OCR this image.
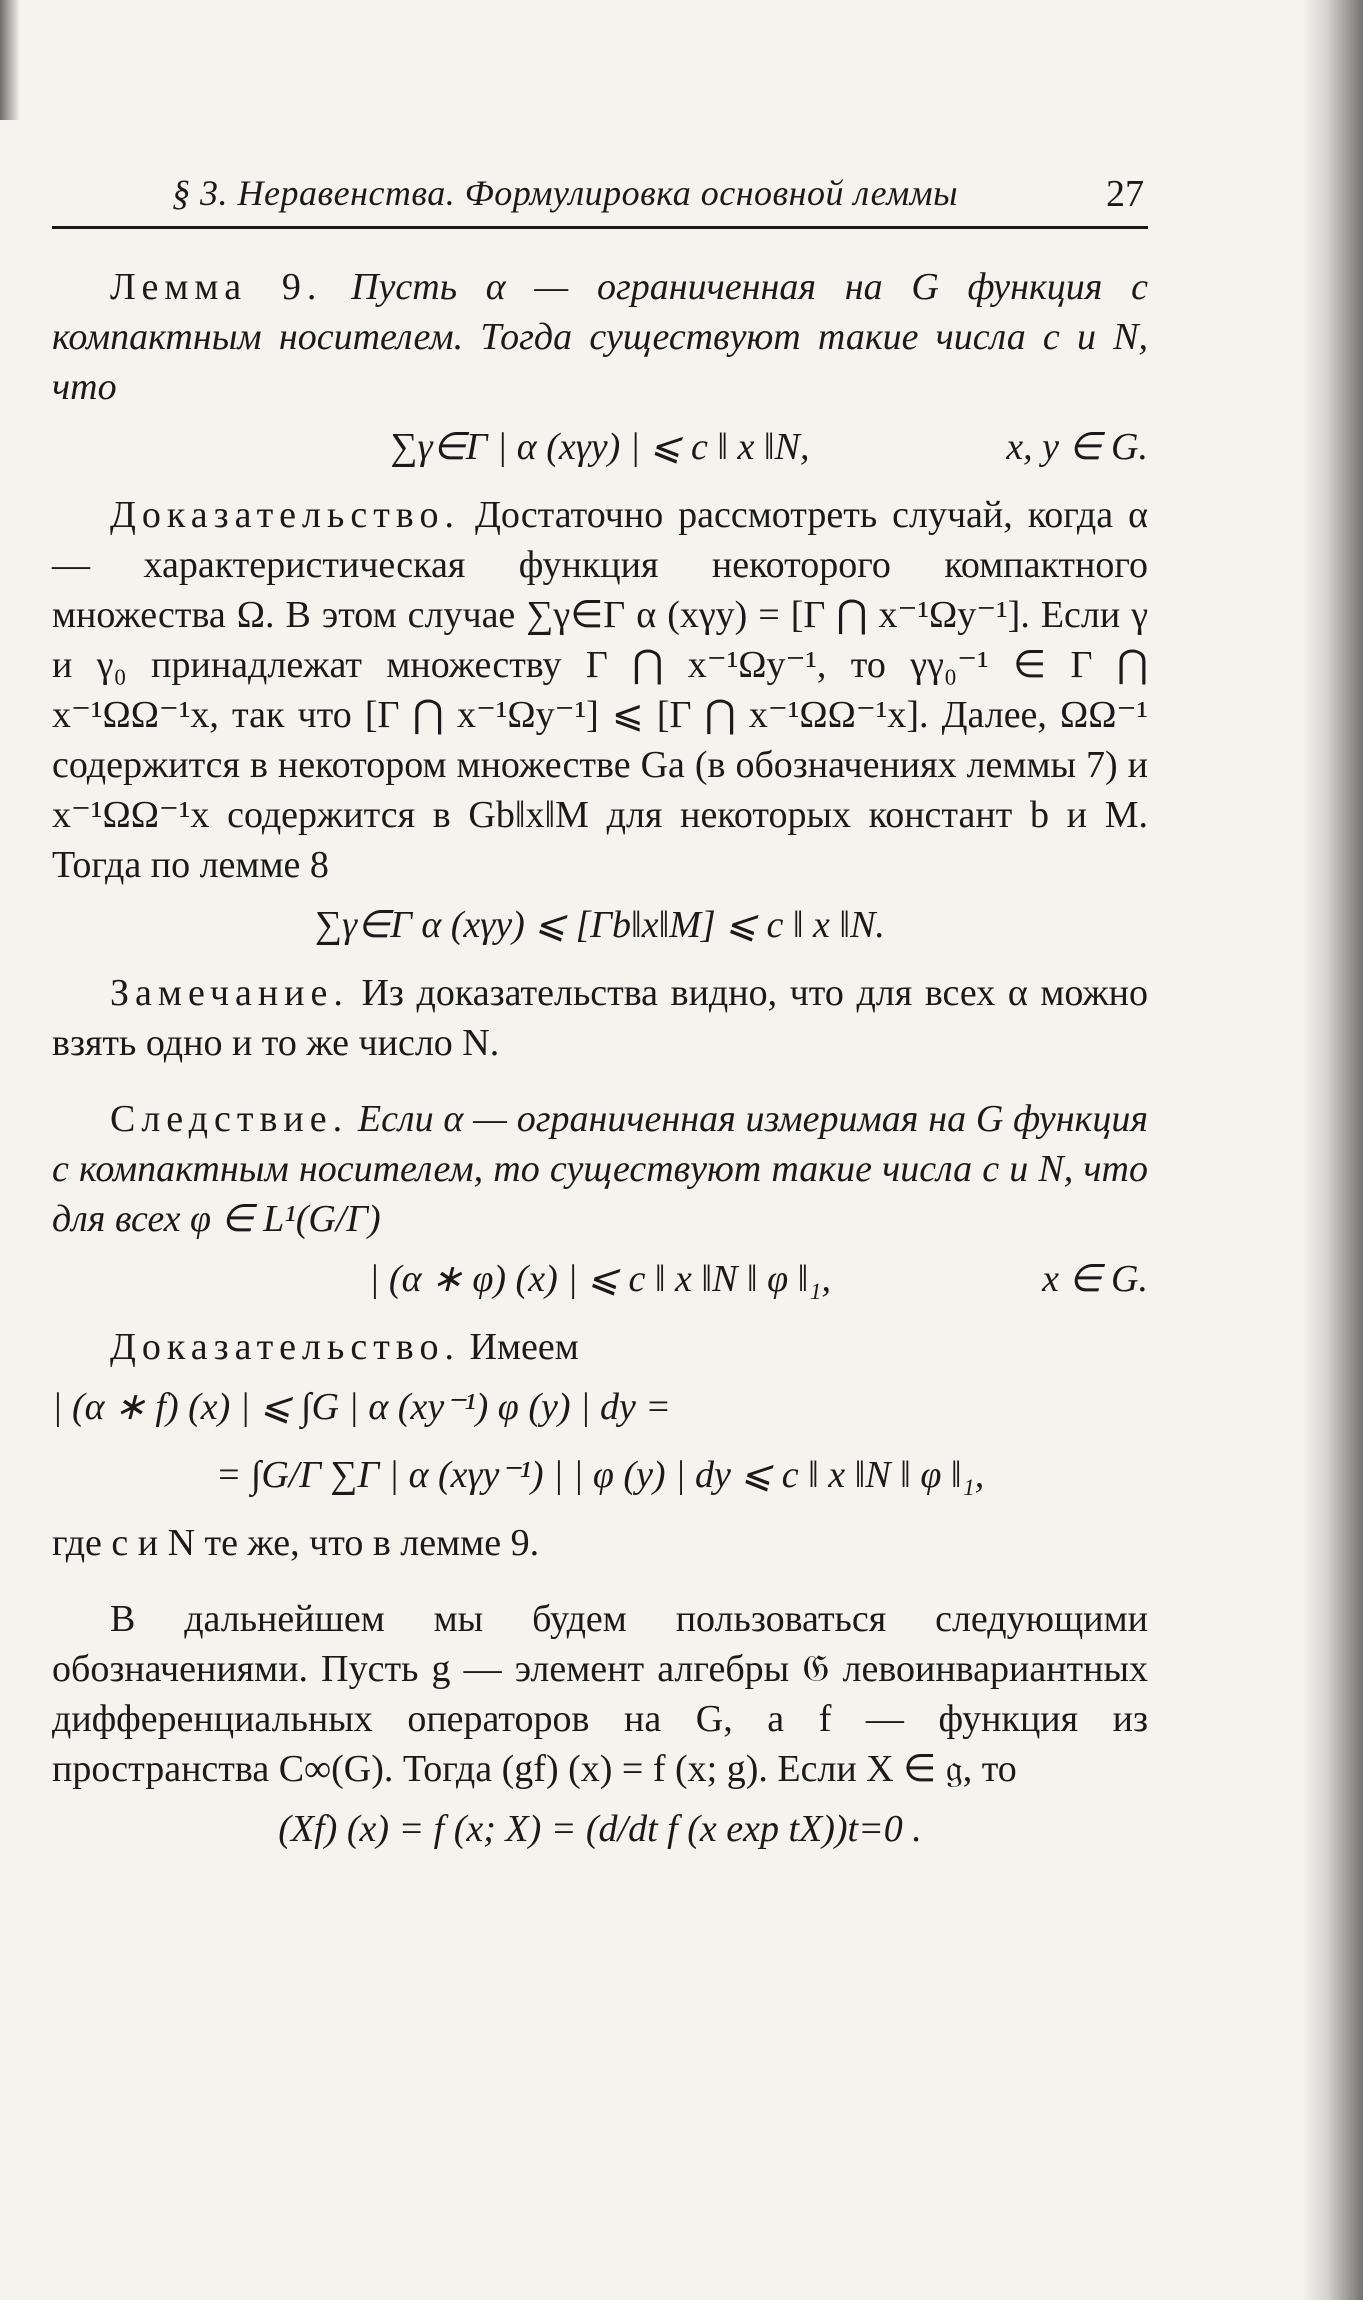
§ 3. Неравенства. Формулировка основной леммы	27

Лемма 9. Пусть α — ограниченная на G функция с компактным носителем. Тогда существуют такие числа c и N, что

∑γ∈Γ | α (xγy) | ⩽ c ‖ x ‖N,	x, y ∈ G.

Доказательство. Достаточно рассмотреть случай, когда α — характеристическая функция некоторого компактного множества Ω. В этом случае ∑γ∈Γ α (xγy) = [Γ ⋂ x⁻¹Ωy⁻¹]. Если γ и γ₀ принадлежат множеству Γ ⋂ x⁻¹Ωy⁻¹, то γγ₀⁻¹ ∈ Γ ⋂ x⁻¹ΩΩ⁻¹x, так что [Γ ⋂ x⁻¹Ωy⁻¹] ⩽ [Γ ⋂ x⁻¹ΩΩ⁻¹x]. Далее, ΩΩ⁻¹ содержится в некотором множестве Ga (в обозначениях леммы 7) и x⁻¹ΩΩ⁻¹x содержится в Gb‖x‖M для некоторых констант b и M. Тогда по лемме 8

∑γ∈Γ α (xγy) ⩽ [Γb‖x‖M] ⩽ c ‖ x ‖N.

Замечание. Из доказательства видно, что для всех α можно взять одно и то же число N.

Следствие. Если α — ограниченная измеримая на G функция с компактным носителем, то существуют такие числа c и N, что для всех φ ∈ L¹(G/Γ)

| (α ∗ φ) (x) | ⩽ c ‖ x ‖N ‖ φ ‖₁,	x ∈ G.

Доказательство. Имеем

| (α ∗ f) (x) | ⩽ ∫G | α (xy⁻¹) φ (y) | dy =
= ∫G/Γ ∑Γ | α (xγy⁻¹) | | φ (y) | dy ⩽ c ‖ x ‖N ‖ φ ‖₁,

где c и N те же, что в лемме 9.

В дальнейшем мы будем пользоваться следующими обозначениями. Пусть g — элемент алгебры 𝔊 левоинвариантных дифференциальных операторов на G, а f — функция из пространства C∞(G). Тогда (gf) (x) = f (x; g). Если X ∈ 𝔤, то

(Xf) (x) = f (x; X) = (d/dt f (x exp tX))t=0 .
